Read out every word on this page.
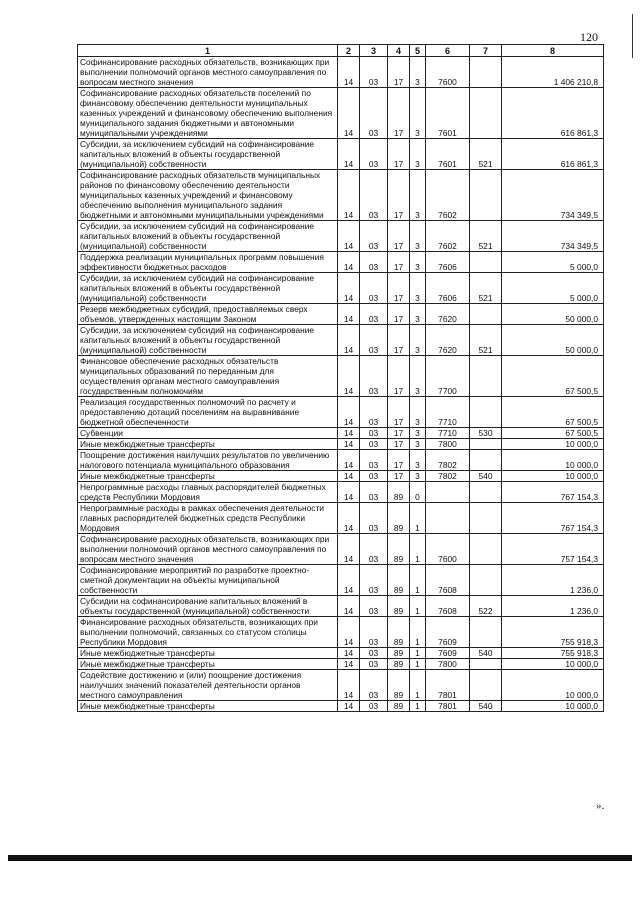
120
1	2	3	4	5	6	7	8
Софинансирование расходных обязательств, возникающих при выполнении полномочий органов местного самоуправления по вопросам местного значения	14	03	17	3	7600		1 406 210,8
Софинансирование расходных обязательств поселений по финансовому обеспечению деятельности муниципальных казенных учреждений и финансовому обеспечению выполнения муниципального задания бюджетными и автономными муниципальными учреждениями	14	03	17	3	7601		616 861,3
Субсидии, за исключением субсидий на софинансирование капитальных вложений в объекты государственной (муниципальной) собственности	14	03	17	3	7601	521	616 861,3
Софинансирование расходных обязательств муниципальных районов по финансовому обеспечению деятельности муниципальных казенных учреждений и финансовому обеспечению выполнения муниципального задания бюджетными и автономными муниципальными учреждениями	14	03	17	3	7602		734 349,5
Субсидии, за исключением субсидий на софинансирование капитальных вложений в объекты государственной (муниципальной) собственности	14	03	17	3	7602	521	734 349,5
Поддержка реализации муниципальных программ повышения эффективности бюджетных расходов	14	03	17	3	7606		5 000,0
Субсидии, за исключением субсидий на софинансирование капитальных вложений в объекты государственной (муниципальной) собственности	14	03	17	3	7606	521	5 000,0
Резерв межбюджетных субсидий, предоставляемых сверх объемов, утвержденных настоящим Законом	14	03	17	3	7620		50 000,0
Субсидии, за исключением субсидий на софинансирование капитальных вложений в объекты государственной (муниципальной) собственности	14	03	17	3	7620	521	50 000,0
Финансовое обеспечение расходных обязательств муниципальных образований по переданным для осуществления органам местного самоуправления государственным полномочиям	14	03	17	3	7700		67 500,5
Реализация государственных полномочий по расчету и предоставлению дотаций поселениям на выравнивание бюджетной обеспеченности	14	03	17	3	7710		67 500,5
Субвенции	14	03	17	3	7710	530	67 500,5
Иные межбюджетные трансферты	14	03	17	3	7800		10 000,0
Поощрение достижения наилучших результатов по увеличению налогового потенциала муниципального образования	14	03	17	3	7802		10 000,0
Иные межбюджетные трансферты	14	03	17	3	7802	540	10 000,0
Непрограммные расходы главных распорядителей бюджетных средств Республики Мордовия	14	03	89	0			767 154,3
Непрограммные расходы в рамках обеспечения деятельности главных распорядителей бюджетных средств Республики Мордовия	14	03	89	1			767 154,3
Софинансирование расходных обязательств, возникающих при выполнении полномочий органов местного самоуправления по вопросам местного значения	14	03	89	1	7600		757 154,3
Софинансирование мероприятий по разработке проектно-сметной документации на объекты муниципальной собственности	14	03	89	1	7608		1 236,0
Субсидии на софинансирование капитальных вложений в объекты государственной (муниципальной) собственности	14	03	89	1	7608	522	1 236,0
Финансирование расходных обязательств, возникающих при выполнении полномочий, связанных со статусом столицы Республики Мордовия	14	03	89	1	7609		755 918,3
Иные межбюджетные трансферты	14	03	89	1	7609	540	755 918,3
Иные межбюджетные трансферты	14	03	89	1	7800		10 000,0
Содействие достижению и (или) поощрение достижения наилучших значений показателей деятельности органов местного самоуправления	14	03	89	1	7801		10 000,0
Иные межбюджетные трансферты	14	03	89	1	7801	540	10 000,0
».
